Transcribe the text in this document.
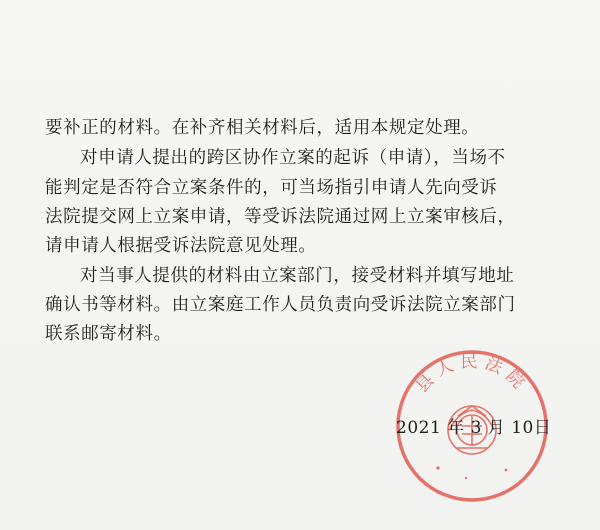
要补正的材料。在补齐相关材料后，适用本规定处理。
对申请人提出的跨区协作立案的起诉（申请），当场不
能判定是否符合立案条件的，可当场指引申请人先向受诉
法院提交网上立案申请，等受诉法院通过网上立案审核后，
请申请人根据受诉法院意见处理。
对当事人提供的材料由立案部门，接受材料并填写地址
确认书等材料。由立案庭工作人员负责向受诉法院立案部门
联系邮寄材料。
县人民法院
2021 年 3 月 10日
